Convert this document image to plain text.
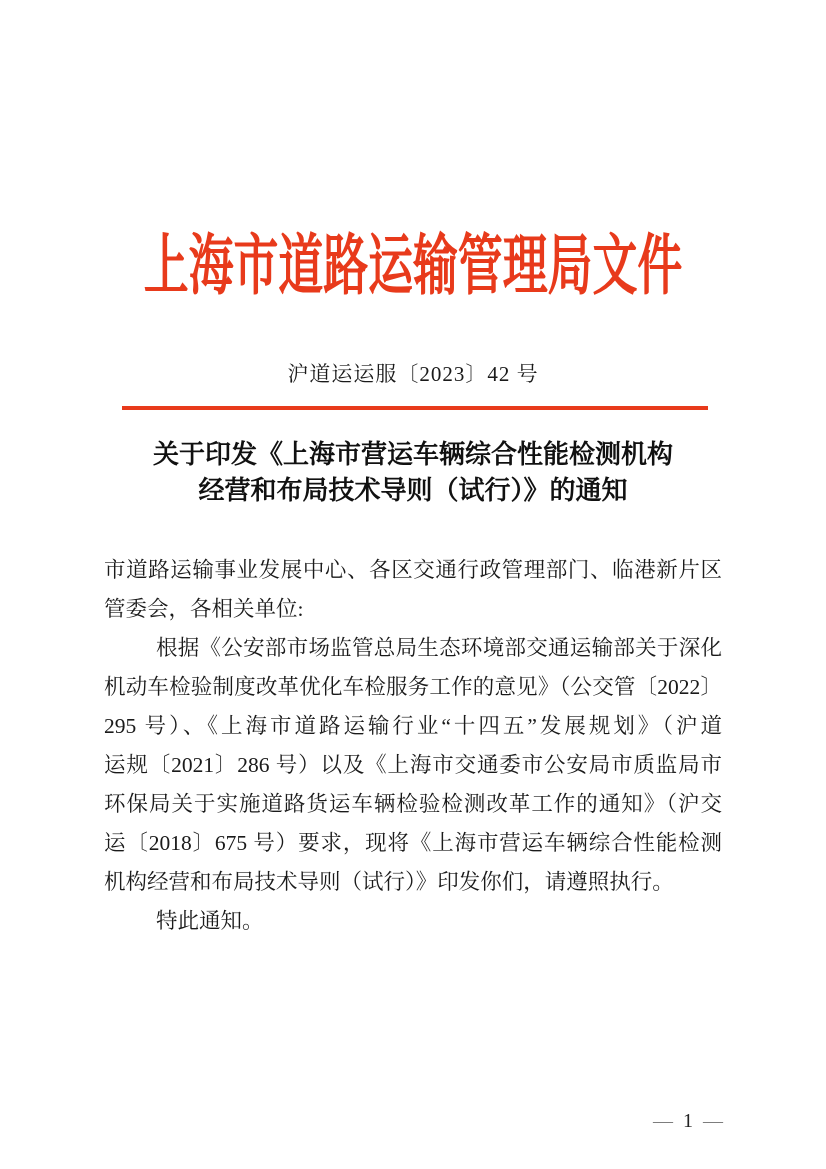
上海市道路运输管理局文件
沪道运运服〔2023〕42 号
关于印发《上海市营运车辆综合性能检测机构
经营和布局技术导则（试行）》的通知
市道路运输事业发展中心、各区交通行政管理部门、临港新片区
管委会，各相关单位:
根据《公安部市场监管总局生态环境部交通运输部关于深化
机动车检验制度改革优化车检服务工作的意见》（公交管〔2022〕
295 号）、《上海市道路运输行业“十四五”发展规划》（沪道
运规〔2021〕286 号）以及《上海市交通委市公安局市质监局市
环保局关于实施道路货运车辆检验检测改革工作的通知》（沪交
运〔2018〕675 号）要求，现将《上海市营运车辆综合性能检测
机构经营和布局技术导则（试行）》印发你们，请遵照执行。
特此通知。
— 1 —
